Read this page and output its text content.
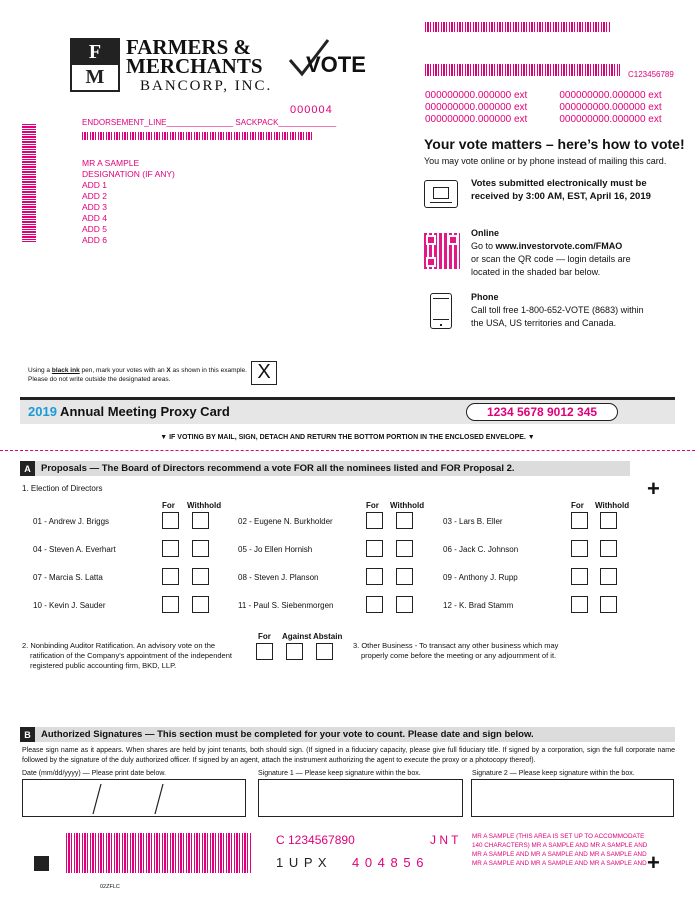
F
M
FARMERS &
MERCHANTS
BANCORP, INC.
VOTE	C123456789
000000000.000000 ext	000000000.000000 ext
000000000.000000 ext	000000000.000000 ext
000000000.000000 ext	000000000.000000 ext
000004
ENDORSEMENT_LINE_______________ SACKPACK_____________
MR A SAMPLE
DESIGNATION (IF ANY)
ADD 1
ADD 2
ADD 3
ADD 4
ADD 5
ADD 6
Your vote matters – here’s how to vote!
You may vote online or by phone instead of mailing this card.
Votes submitted electronically must be
received by 3:00 AM, EST, April 16, 2019
Online
Go to www.investorvote.com/FMAO
or scan the QR code — login details are
located in the shaded bar below.
Phone
Call toll free 1-800-652-VOTE (8683) within
the USA, US territories and Canada.
Using a black ink pen, mark your votes with an X as shown in this example.
Please do not write outside the designated areas.	X
2019 Annual Meeting Proxy Card	1234 5678 9012 345
▼ IF VOTING BY MAIL, SIGN, DETACH AND RETURN THE BOTTOM PORTION IN THE ENCLOSED ENVELOPE. ▼
A	Proposals — The Board of Directors recommend a vote FOR all the nominees listed and FOR Proposal 2.
+
1. Election of Directors
For Withhold	For Withhold	For Withhold
01 - Andrew J. Briggs	02 - Eugene N. Burkholder	03 - Lars B. Eller
04 - Steven A. Everhart	05 - Jo Ellen Hornish	06 - Jack C. Johnson
07 - Marcia S. Latta	08 - Steven J. Planson	09 - Anthony J. Rupp
10 - Kevin J. Sauder	11 - Paul S. Siebenmorgen	12 - K. Brad Stamm
2. Nonbinding Auditor Ratification. An advisory vote on the
ratification of the Company's appointment of the independent
registered public accounting firm, BKD, LLP.
For Against Abstain
3. Other Business - To transact any other business which may
properly come before the meeting or any adjournment of it.
B	Authorized Signatures — This section must be completed for your vote to count. Please date and sign below.
Please sign name as it appears. When shares are held by joint tenants, both should sign. (If signed in a fiduciary capacity, please give full fiduciary title. If signed by a corporation, sign the full corporate name followed by the signature of the duly authorized officer. If signed by an agent, attach the instrument authorizing the agent to execute the proxy or a photocopy thereof).
Date (mm/dd/yyyy) — Please print date below.	Signature 1 — Please keep signature within the box.	Signature 2 — Please keep signature within the box.
C 1234567890	J N T
1 U P X 4 0 4 8 5 6
MR A SAMPLE (THIS AREA IS SET UP TO ACCOMMODATE
140 CHARACTERS) MR A SAMPLE AND MR A SAMPLE AND
MR A SAMPLE AND MR A SAMPLE AND MR A SAMPLE AND
MR A SAMPLE AND MR A SAMPLE AND MR A SAMPLE AND +
02ZFLC
